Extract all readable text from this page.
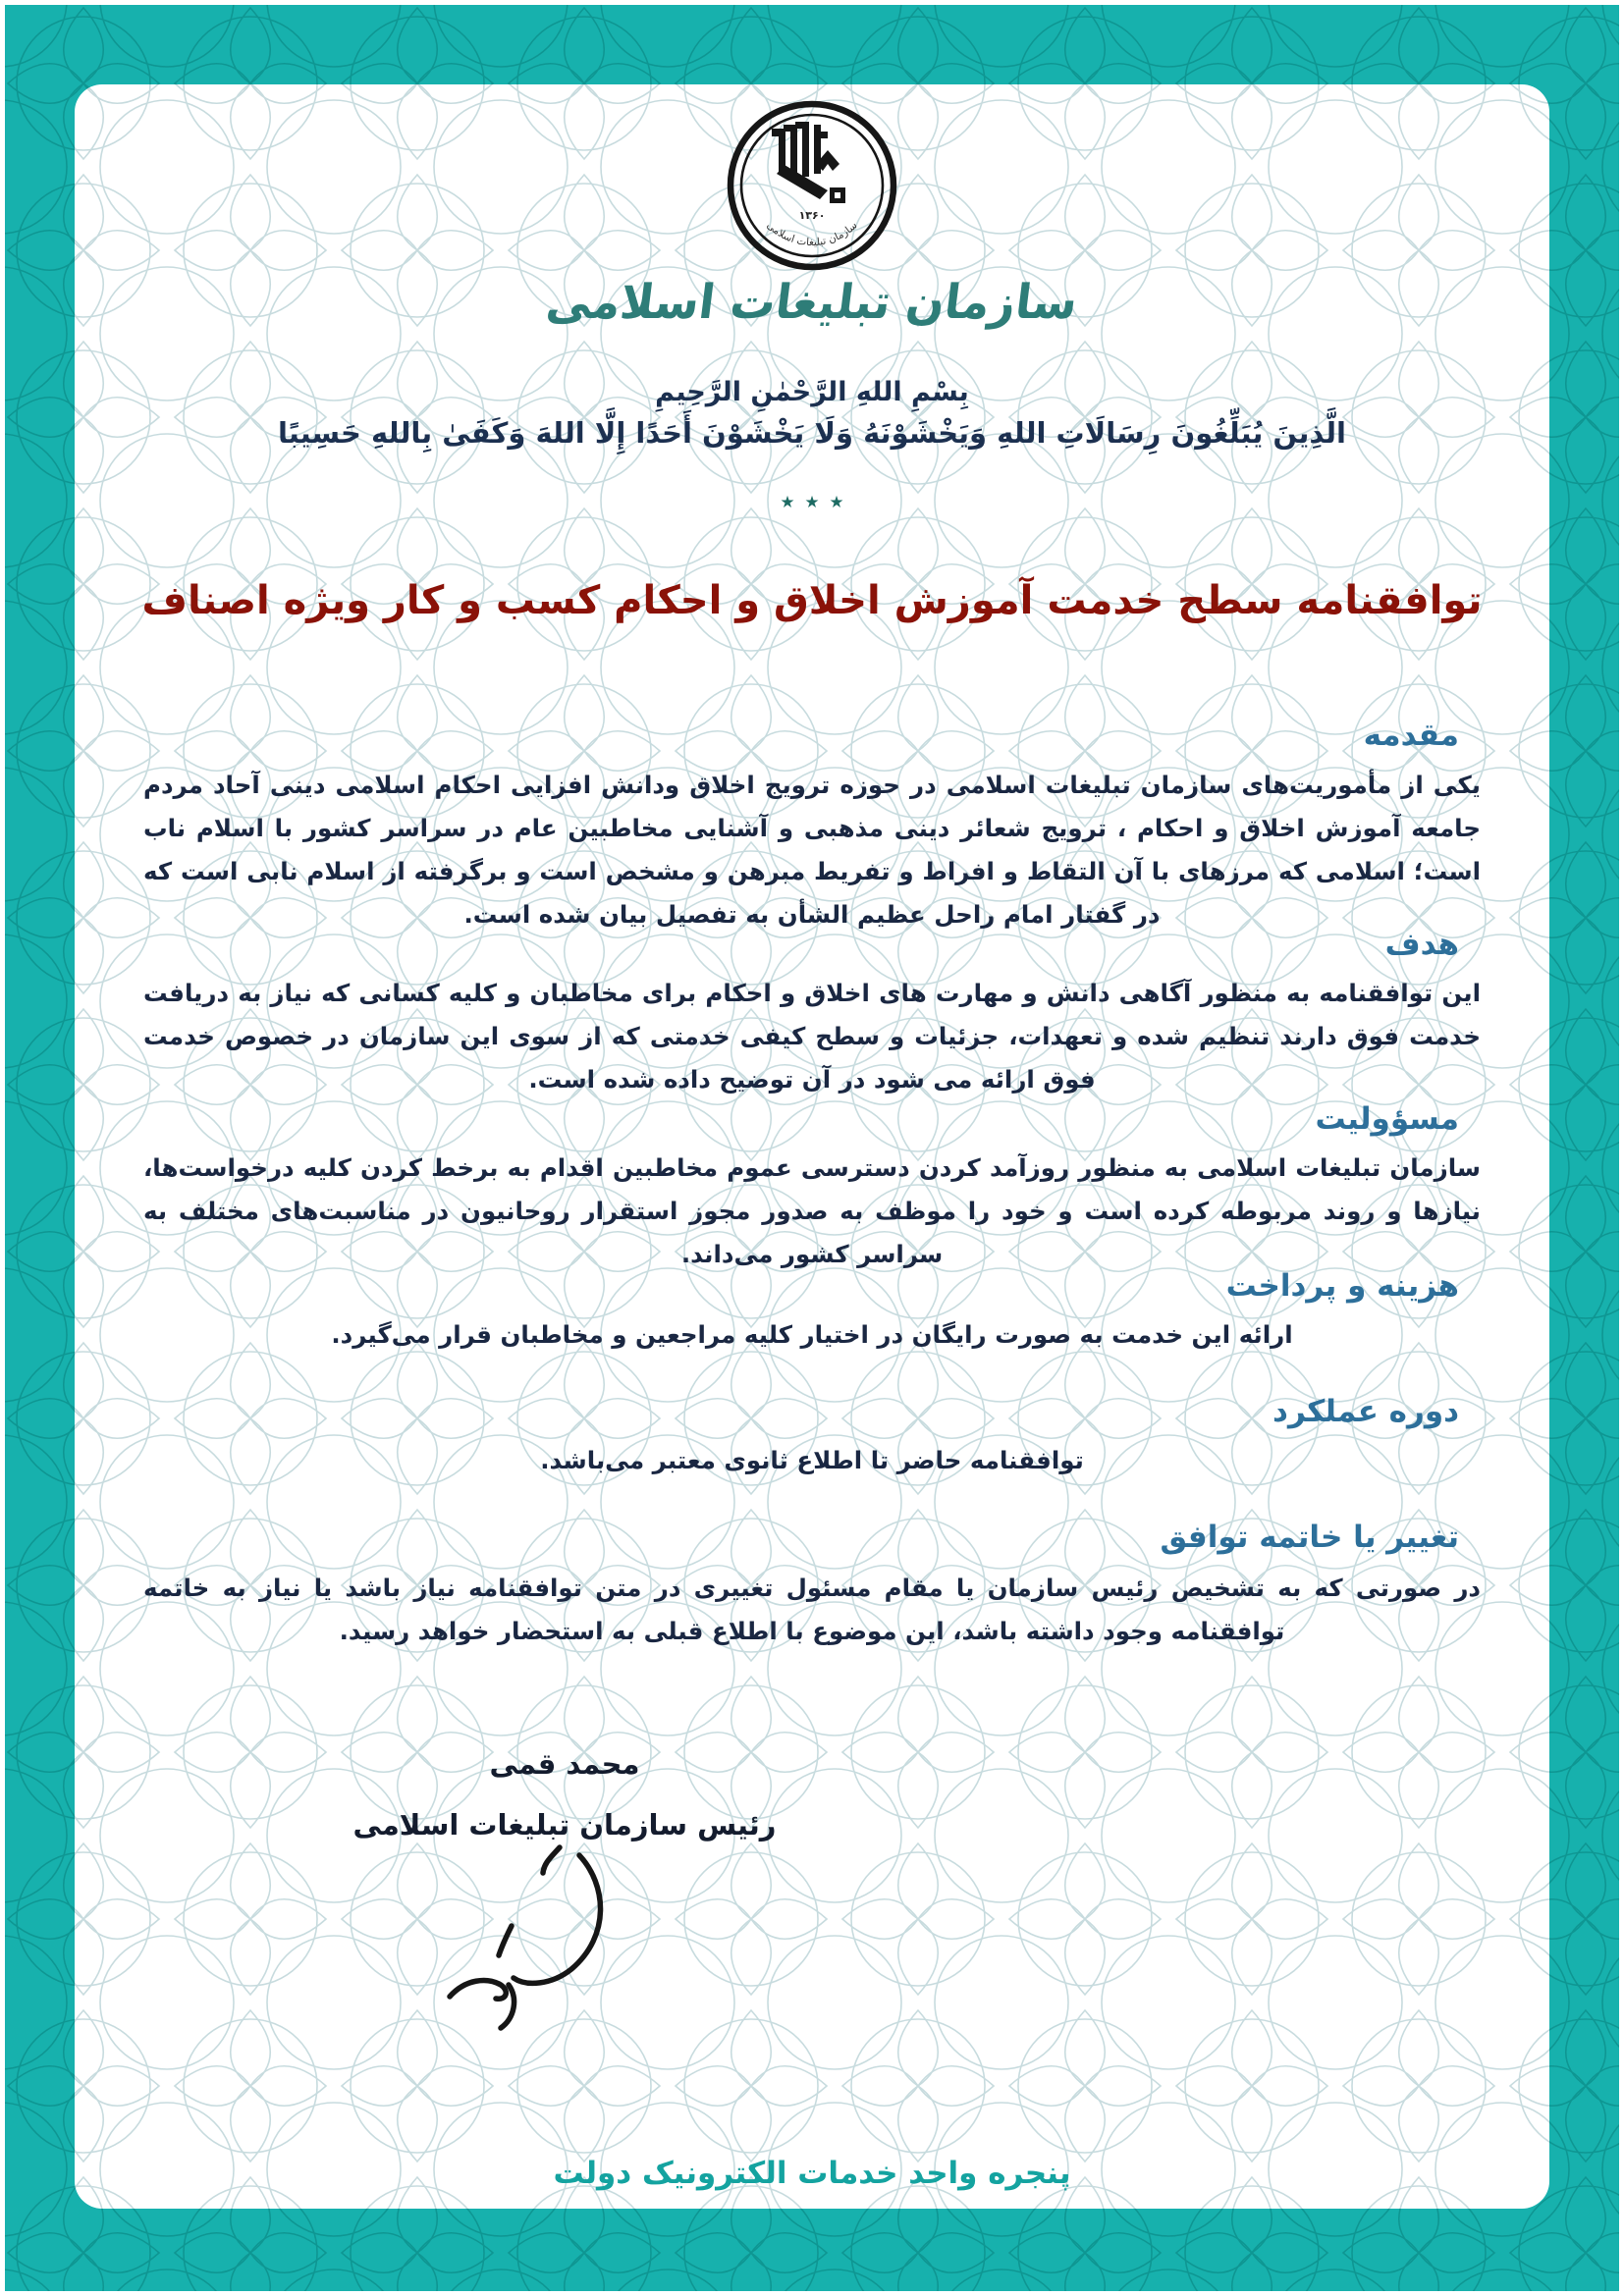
۱۳۶۰
سازمان تبلیغات اسلامی
سازمان تبلیغات اسلامی
بِسْمِ اللهِ الرَّحْمٰنِ الرَّحِيمِ
الَّذِينَ يُبَلِّغُونَ رِسَالَاتِ اللهِ وَيَخْشَوْنَهُ وَلَا يَخْشَوْنَ أَحَدًا إِلَّا اللهَ وَكَفَىٰ بِاللهِ حَسِيبًا
٭ ٭ ٭
توافقنامه سطح خدمت آموزش اخلاق و احکام کسب و کار ویژه اصناف
مقدمه
یکی از مأموریت‌های سازمان تبلیغات اسلامی در حوزه ترویج اخلاق ودانش افزایی احکام اسلامی دینی آحاد مردم جامعه آموزش اخلاق و احکام ، ترویج شعائر دینی مذهبی و آشنایی مخاطبین عام در سراسر کشور با اسلام ناب است؛ اسلامی که مرزهای با آن التقاط و افراط و تفریط مبرهن و مشخص است و برگرفته از اسلام نابی است که در گفتار امام راحل عظیم الشأن به تفصیل بیان شده است.
هدف
این توافقنامه به منظور آگاهی دانش و مهارت های اخلاق و احکام برای مخاطبان و کلیه کسانی که نیاز به دریافت خدمت فوق دارند تنظیم شده و تعهدات، جزئیات و سطح کیفی خدمتی که از سوی این سازمان در خصوص خدمت فوق ارائه می شود در آن توضیح داده شده است.
مسؤولیت
سازمان تبلیغات اسلامی به منظور روزآمد کردن دسترسی عموم مخاطبین اقدام به برخط کردن کلیه درخواست‌ها، نیازها و روند مربوطه کرده است و خود را موظف به صدور مجوز استقرار روحانیون در مناسبت‌های مختلف به سراسر کشور می‌داند.
هزینه و پرداخت
ارائه این خدمت به صورت رایگان در اختیار کلیه مراجعین و مخاطبان قرار می‌گیرد.
دوره عملکرد
توافقنامه حاضر تا اطلاع ثانوی معتبر می‌باشد.
تغییر یا خاتمه توافق
در صورتی که به تشخیص رئیس سازمان یا مقام مسئول تغییری در متن توافقنامه نیاز باشد یا نیاز به خاتمه توافقنامه وجود داشته باشد، این موضوع با اطلاع قبلی به استحضار خواهد رسید.
محمد قمی
رئیس سازمان تبلیغات اسلامی
پنجره واحد خدمات الکترونیک دولت
